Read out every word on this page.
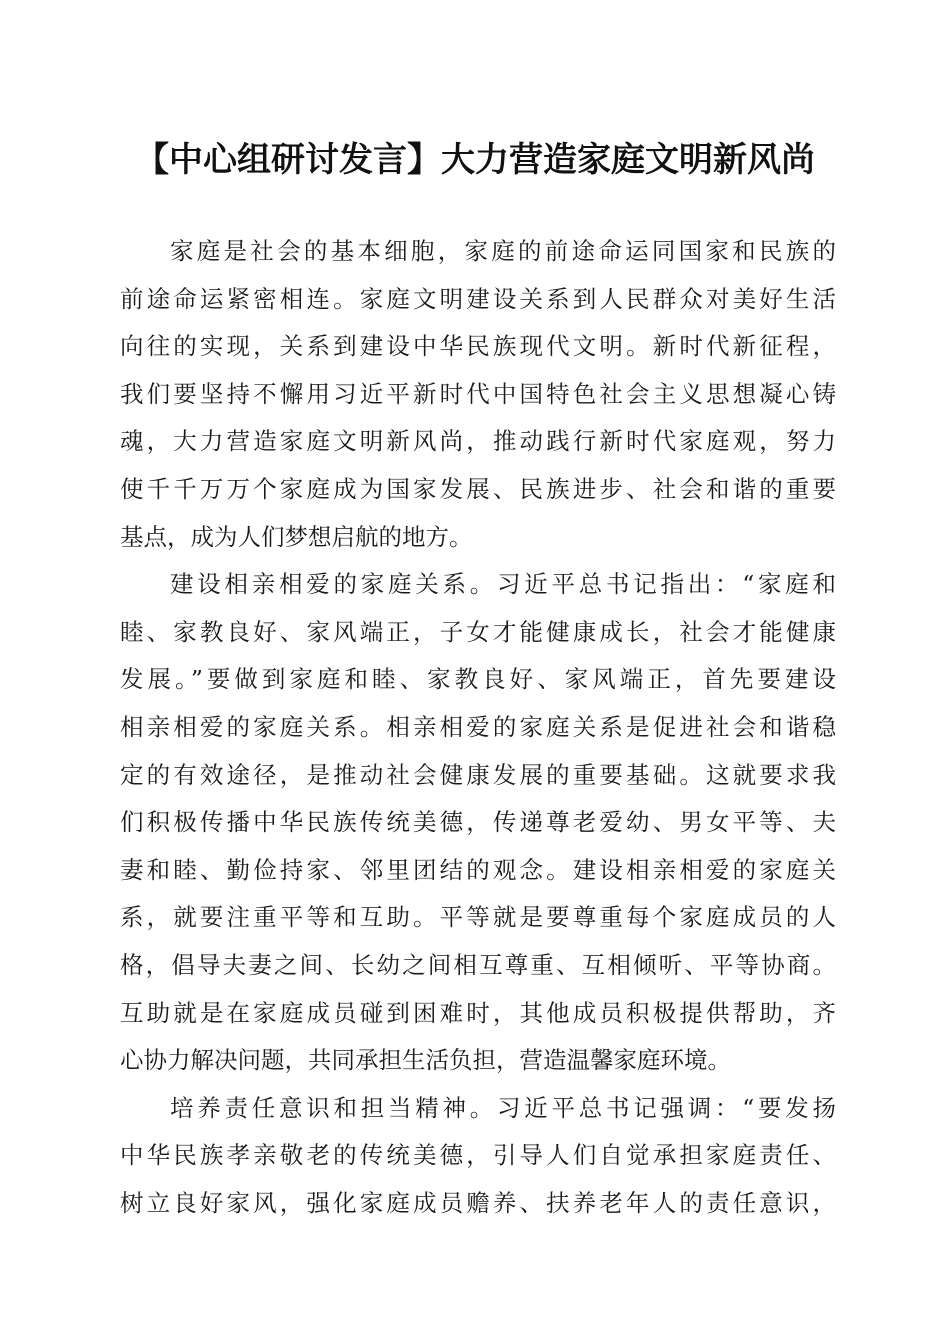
【中心组研讨发言】大力营造家庭文明新风尚
家庭是社会的基本细胞，家庭的前途命运同国家和民族的
前途命运紧密相连。家庭文明建设关系到人民群众对美好生活
向往的实现，关系到建设中华民族现代文明。新时代新征程，
我们要坚持不懈用习近平新时代中国特色社会主义思想凝心铸
魂，大力营造家庭文明新风尚，推动践行新时代家庭观，努力
使千千万万个家庭成为国家发展、民族进步、社会和谐的重要
基点，成为人们梦想启航的地方。
建设相亲相爱的家庭关系。习近平总书记指出：“家庭和
睦、家教良好、家风端正，子女才能健康成长，社会才能健康
发展。”要做到家庭和睦、家教良好、家风端正，首先要建设
相亲相爱的家庭关系。相亲相爱的家庭关系是促进社会和谐稳
定的有效途径，是推动社会健康发展的重要基础。这就要求我
们积极传播中华民族传统美德，传递尊老爱幼、男女平等、夫
妻和睦、勤俭持家、邻里团结的观念。建设相亲相爱的家庭关
系，就要注重平等和互助。平等就是要尊重每个家庭成员的人
格，倡导夫妻之间、长幼之间相互尊重、互相倾听、平等协商。
互助就是在家庭成员碰到困难时，其他成员积极提供帮助，齐
心协力解决问题，共同承担生活负担，营造温馨家庭环境。
培养责任意识和担当精神。习近平总书记强调：“要发扬
中华民族孝亲敬老的传统美德，引导人们自觉承担家庭责任、
树立良好家风，强化家庭成员赡养、扶养老年人的责任意识，
